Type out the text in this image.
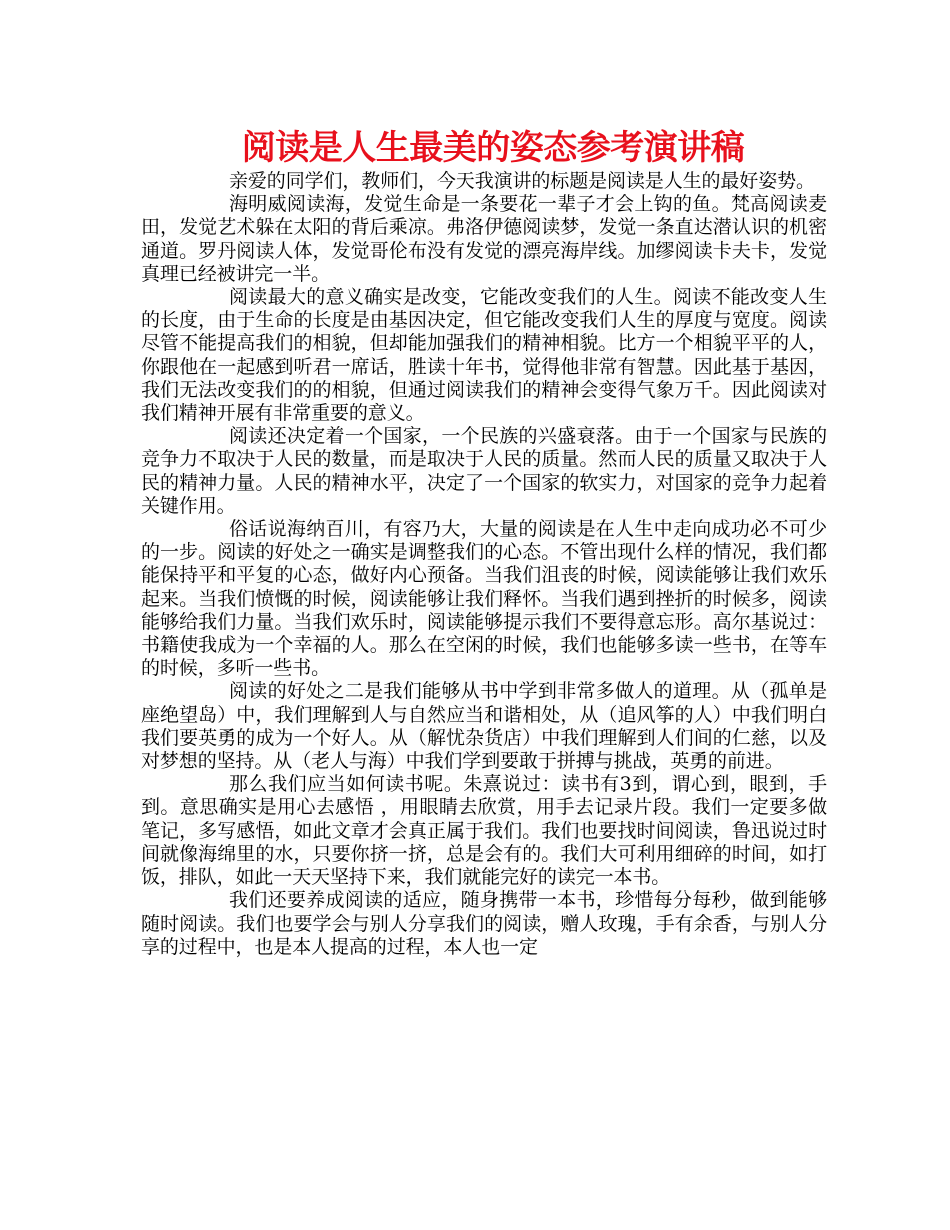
阅读是人生最美的姿态参考演讲稿

亲爱的同学们，教师们，今天我演讲的标题是阅读是人生的最好姿势。

海明威阅读海，发觉生命是一条要花一辈子才会上钩的鱼。梵高阅读麦田，发觉艺术躲在太阳的背后乘凉。弗洛伊德阅读梦，发觉一条直达潜认识的机密通道。罗丹阅读人体，发觉哥伦布没有发觉的漂亮海岸线。加缪阅读卡夫卡，发觉真理已经被讲完一半。

阅读最大的意义确实是改变，它能改变我们的人生。阅读不能改变人生的长度，由于生命的长度是由基因决定，但它能改变我们人生的厚度与宽度。阅读尽管不能提高我们的相貌，但却能加强我们的精神相貌。比方一个相貌平平的人，你跟他在一起感到听君一席话，胜读十年书，觉得他非常有智慧。因此基于基因，我们无法改变我们的的相貌，但通过阅读我们的精神会变得气象万千。因此阅读对我们精神开展有非常重要的意义。

阅读还决定着一个国家，一个民族的兴盛衰落。由于一个国家与民族的竞争力不取决于人民的数量，而是取决于人民的质量。然而人民的质量又取决于人民的精神力量。人民的精神水平，决定了一个国家的软实力，对国家的竞争力起着关键作用。

俗话说海纳百川，有容乃大，大量的阅读是在人生中走向成功必不可少的一步。阅读的好处之一确实是调整我们的心态。不管出现什么样的情况，我们都能保持平和平复的心态，做好内心预备。当我们沮丧的时候，阅读能够让我们欢乐起来。当我们愤慨的时候，阅读能够让我们释怀。当我们遇到挫折的时候多，阅读能够给我们力量。当我们欢乐时，阅读能够提示我们不要得意忘形。高尔基说过：书籍使我成为一个幸福的人。那么在空闲的时候，我们也能够多读一些书，在等车的时候，多听一些书。

阅读的好处之二是我们能够从书中学到非常多做人的道理。从（孤单是座绝望岛）中，我们理解到人与自然应当和谐相处，从（追风筝的人）中我们明白我们要英勇的成为一个好人。从（解忧杂货店）中我们理解到人们间的仁慈，以及对梦想的坚持。从（老人与海）中我们学到要敢于拼搏与挑战，英勇的前进。

那么我们应当如何读书呢。朱熹说过：读书有3到，谓心到，眼到，手到。意思确实是用心去感悟 ，用眼睛去欣赏，用手去记录片段。我们一定要多做笔记，多写感悟，如此文章才会真正属于我们。我们也要找时间阅读，鲁迅说过时间就像海绵里的水，只要你挤一挤，总是会有的。我们大可利用细碎的时间，如打饭，排队，如此一天天坚持下来，我们就能完好的读完一本书。

我们还要养成阅读的适应，随身携带一本书，珍惜每分每秒，做到能够随时阅读。我们也要学会与别人分享我们的阅读，赠人玫瑰，手有余香，与别人分享的过程中，也是本人提高的过程，本人也一定
